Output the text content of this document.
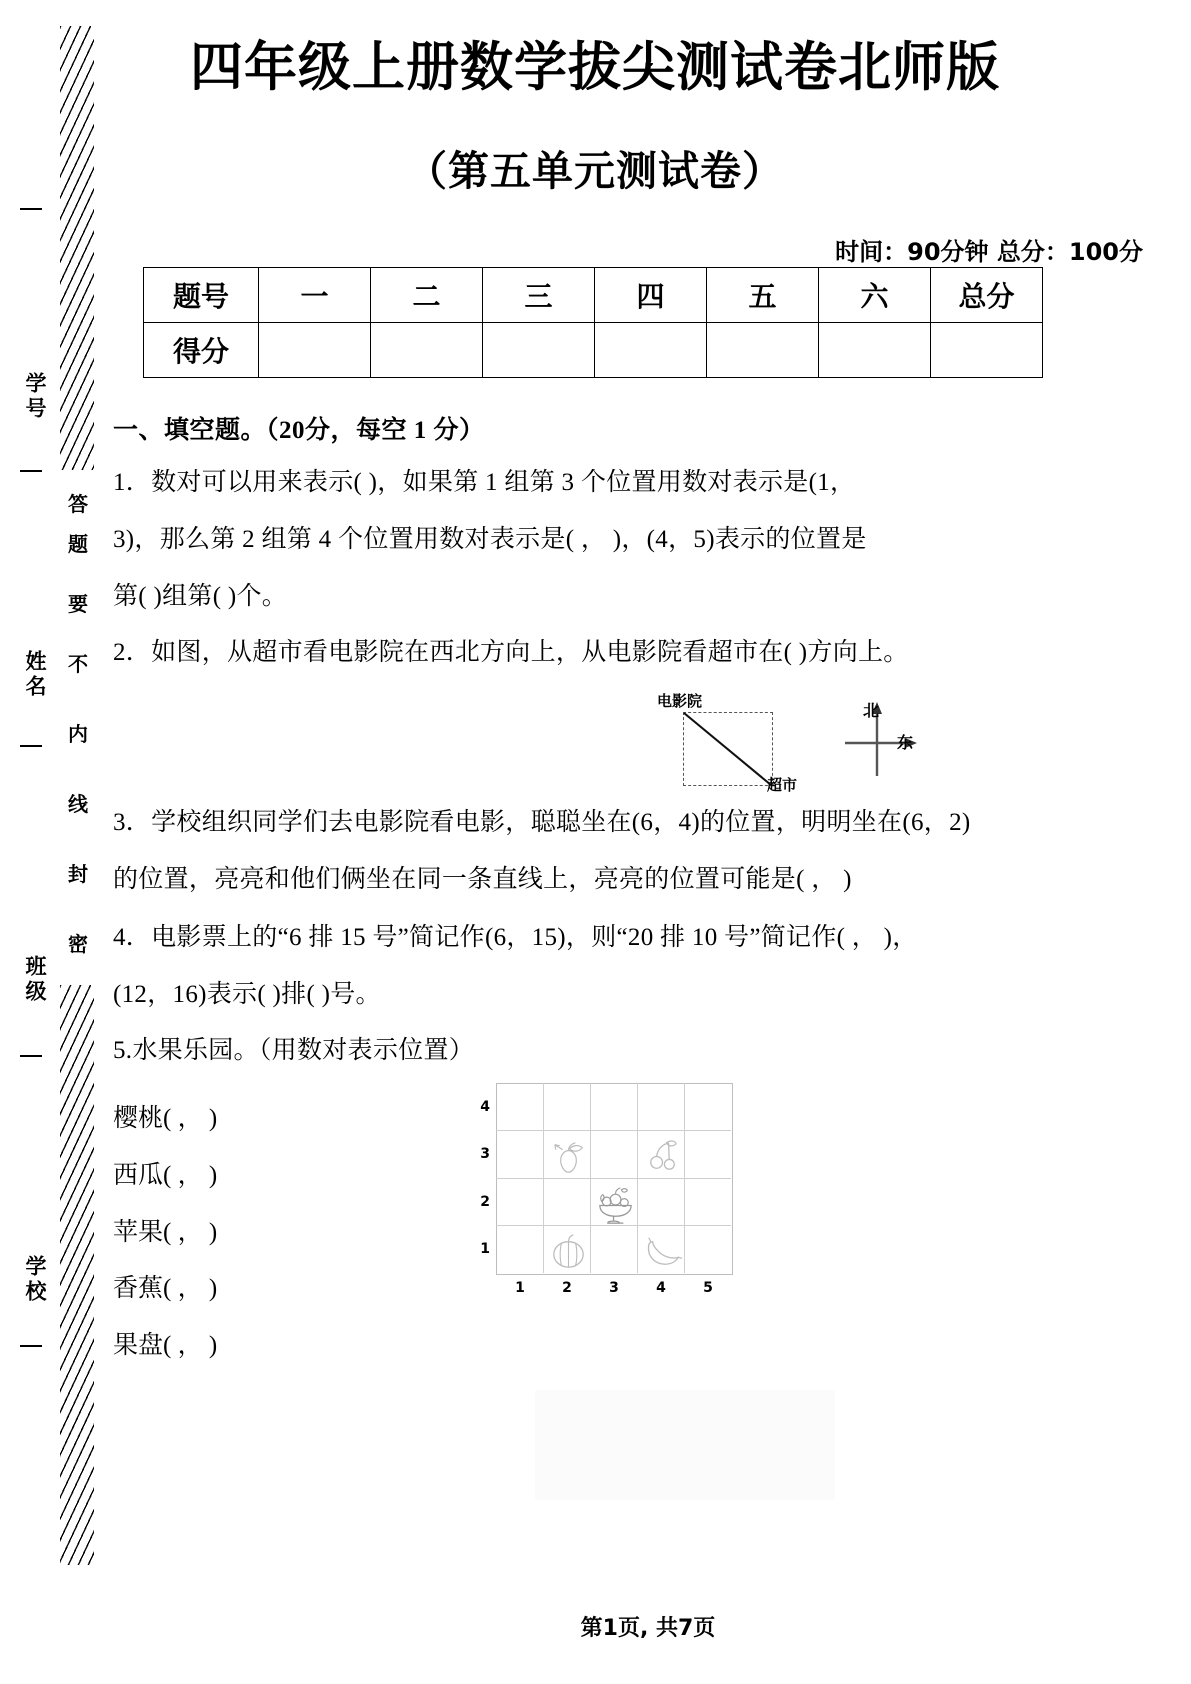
学号
姓名
班级
学校
答
题
要
不
内
线
封
密
四年级上册数学拔尖测试卷北师版
（第五单元测试卷）
时间：90分钟 总分：100分
题号	一	二	三	四	五	六	总分
得分							
一、填空题。（20分，每空 1 分）
1．数对可以用来表示( )，如果第 1 组第 3 个位置用数对表示是(1，
3)，那么第 2 组第 4 个位置用数对表示是( ， )，(4，5)表示的位置是
第( )组第( )个。
2．如图，从超市看电影院在西北方向上，从电影院看超市在( )方向上。
电影院
超市
北
东
3．学校组织同学们去电影院看电影，聪聪坐在(6，4)的位置，明明坐在(6，2)
的位置，亮亮和他们俩坐在同一条直线上，亮亮的位置可能是( ， )
4．电影票上的“6 排 15 号”简记作(6，15)，则“20 排 10 号”简记作( ， )，
(12，16)表示( )排( )号。
5.水果乐园。（用数对表示位置）
樱桃( ， )
西瓜( ， )
苹果( ， )
香蕉( ， )
果盘( ， )
4
3
2
1
1	2	3	4	5
第1页, 共7页
